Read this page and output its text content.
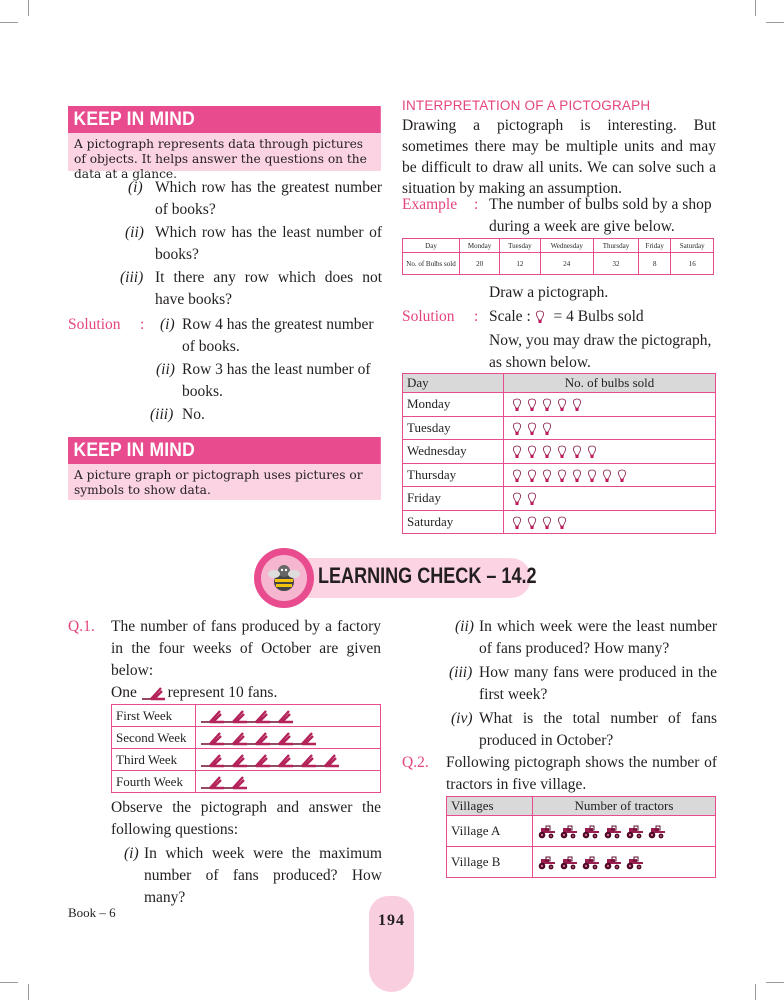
KEEP IN MIND
A pictograph represents data through pictures of objects. It helps answer the questions on the data at a glance.
(i) Which row has the greatest number of books?
(ii) Which row has the least number of books?
(iii) It there any row which does not have books?
Solution : (i) Row 4 has the greatest number of books.
(ii) Row 3 has the least number of books.
(iii) No.
KEEP IN MIND
A picture graph or pictograph uses pictures or symbols to show data.
INTERPRETATION OF A PICTOGRAPH
Drawing a pictograph is interesting. But sometimes there may be multiple units and may be difficult to draw all units. We can solve such a situation by making an assumption.
Example : The number of bulbs sold by a shop during a week are give below.
Day	Monday	Tuesday	Wednesday	Thursday	Friday	Saturday
No. of Bulbs sold	20	12	24	32	8	16
Draw a pictograph.
Solution : Scale : = 4 Bulbs sold
Now, you may draw the pictograph, as shown below.
Day	No. of bulbs sold
Monday	
Tuesday	
Wednesday	
Thursday	
Friday	
Saturday	
LEARNING CHECK – 14.2
Q.1. The number of fans produced by a factory in the four weeks of October are given below:
One represent 10 fans.
First Week	
Second Week	
Third Week	
Fourth Week	
Observe the pictograph and answer the following questions:
(i) In which week were the maximum number of fans produced? How many?
(ii) In which week were the least number of fans produced? How many?
(iii) How many fans were produced in the first week?
(iv) What is the total number of fans produced in October?
Q.2. Following pictograph shows the number of tractors in five village.
Villages	Number of tractors
Village A	
Village B	
Book – 6	194
